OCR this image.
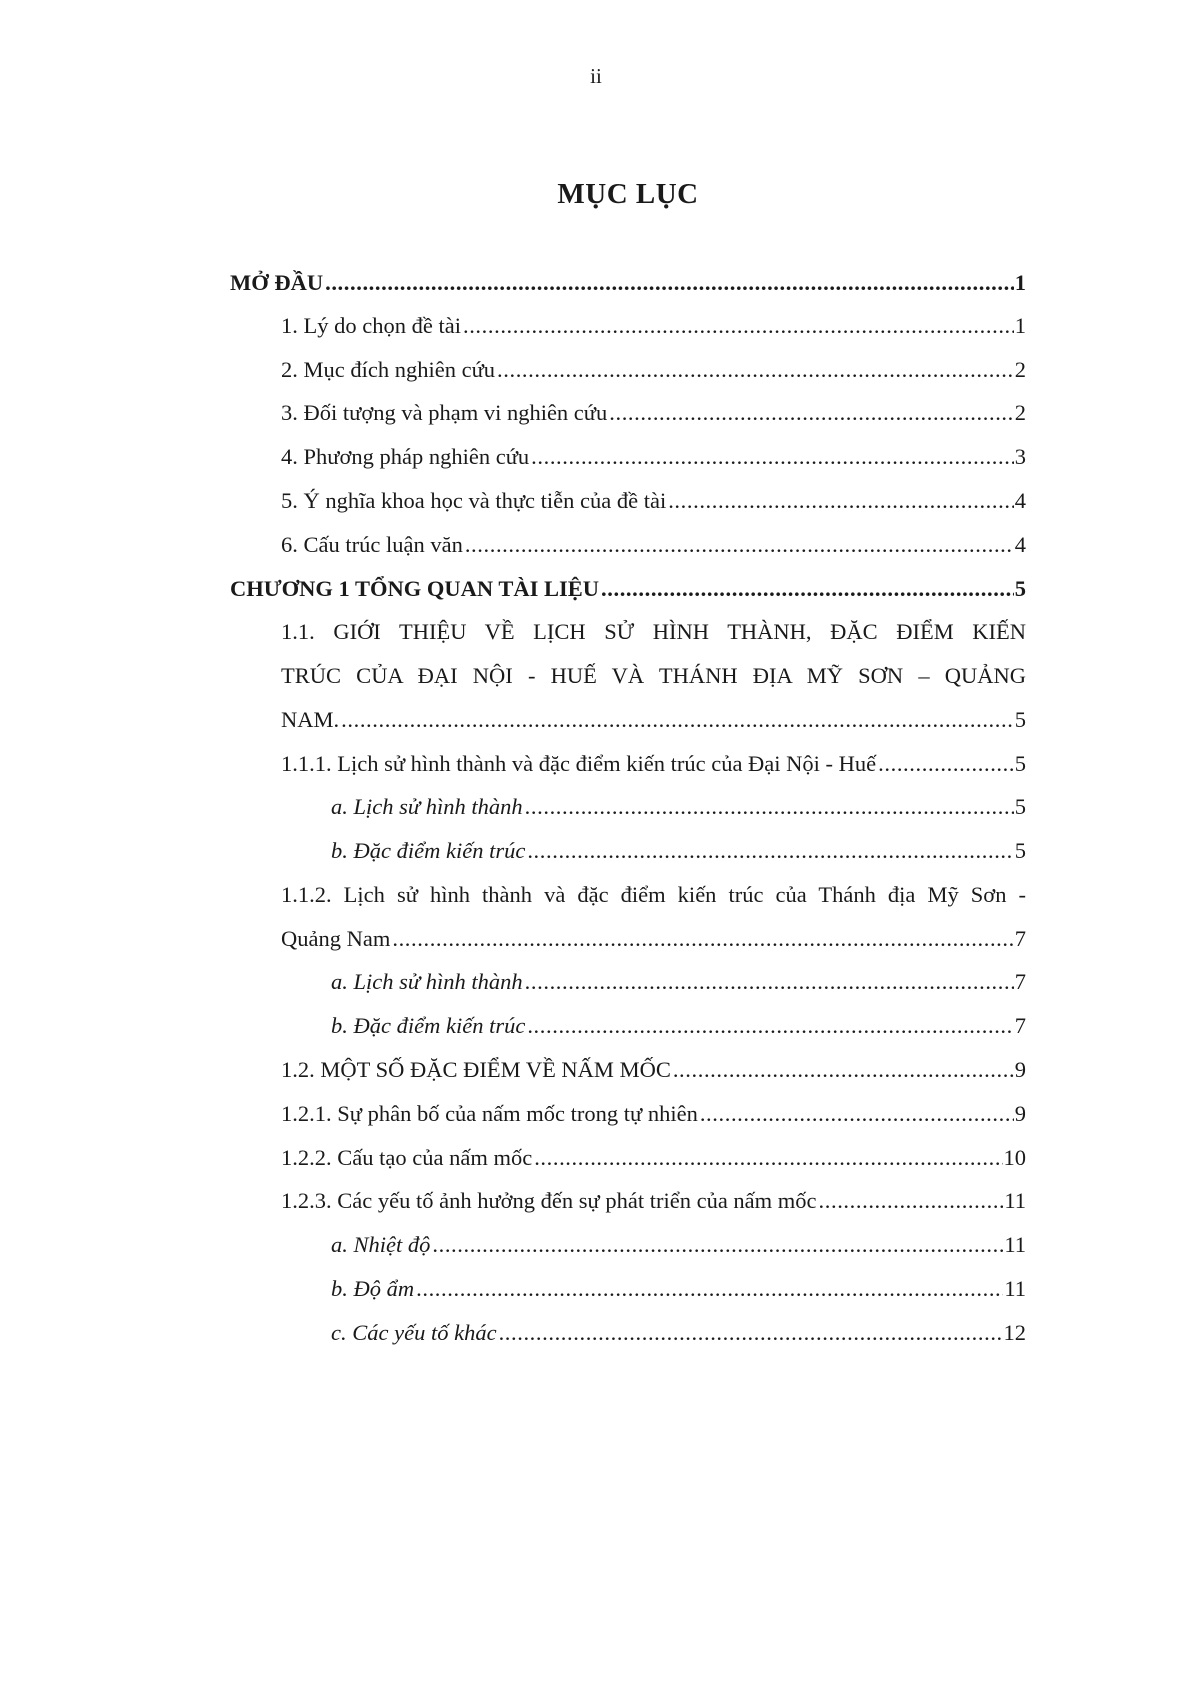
ii
MỤC LỤC
MỞ ĐẦU .....	1
1. Lý do chọn đề tài .....	1
2. Mục đích nghiên cứu .....	2
3. Đối tượng và phạm vi nghiên cứu .....	2
4. Phương pháp nghiên cứu .....	3
5. Ý nghĩa khoa học và thực tiễn của đề tài .....	4
6. Cấu trúc luận văn .....	4
CHƯƠNG 1 TỔNG QUAN TÀI LIỆU .....	5
1.1. GIỚI THIỆU VỀ LỊCH SỬ HÌNH THÀNH, ĐẶC ĐIỂM KIẾN
TRÚC CỦA ĐẠI NỘI - HUẾ VÀ THÁNH ĐỊA MỸ SƠN – QUẢNG
NAM. .....	5
1.1.1. Lịch sử hình thành và đặc điểm kiến trúc của Đại Nội - Huế .....	5
a. Lịch sử hình thành .....	5
b. Đặc điểm kiến trúc .....	5
1.1.2. Lịch sử hình thành và đặc điểm kiến trúc của Thánh địa Mỹ Sơn -
Quảng Nam .....	7
a. Lịch sử hình thành .....	7
b. Đặc điểm kiến trúc .....	7
1.2. MỘT SỐ ĐẶC ĐIỂM VỀ NẤM MỐC .....	9
1.2.1. Sự phân bố của nấm mốc trong tự nhiên .....	9
1.2.2. Cấu tạo của nấm mốc .....	10
1.2.3. Các yếu tố ảnh hưởng đến sự phát triển của nấm mốc .....	11
a. Nhiệt độ .....	11
b. Độ ẩm .....	11
c. Các yếu tố khác .....	12
